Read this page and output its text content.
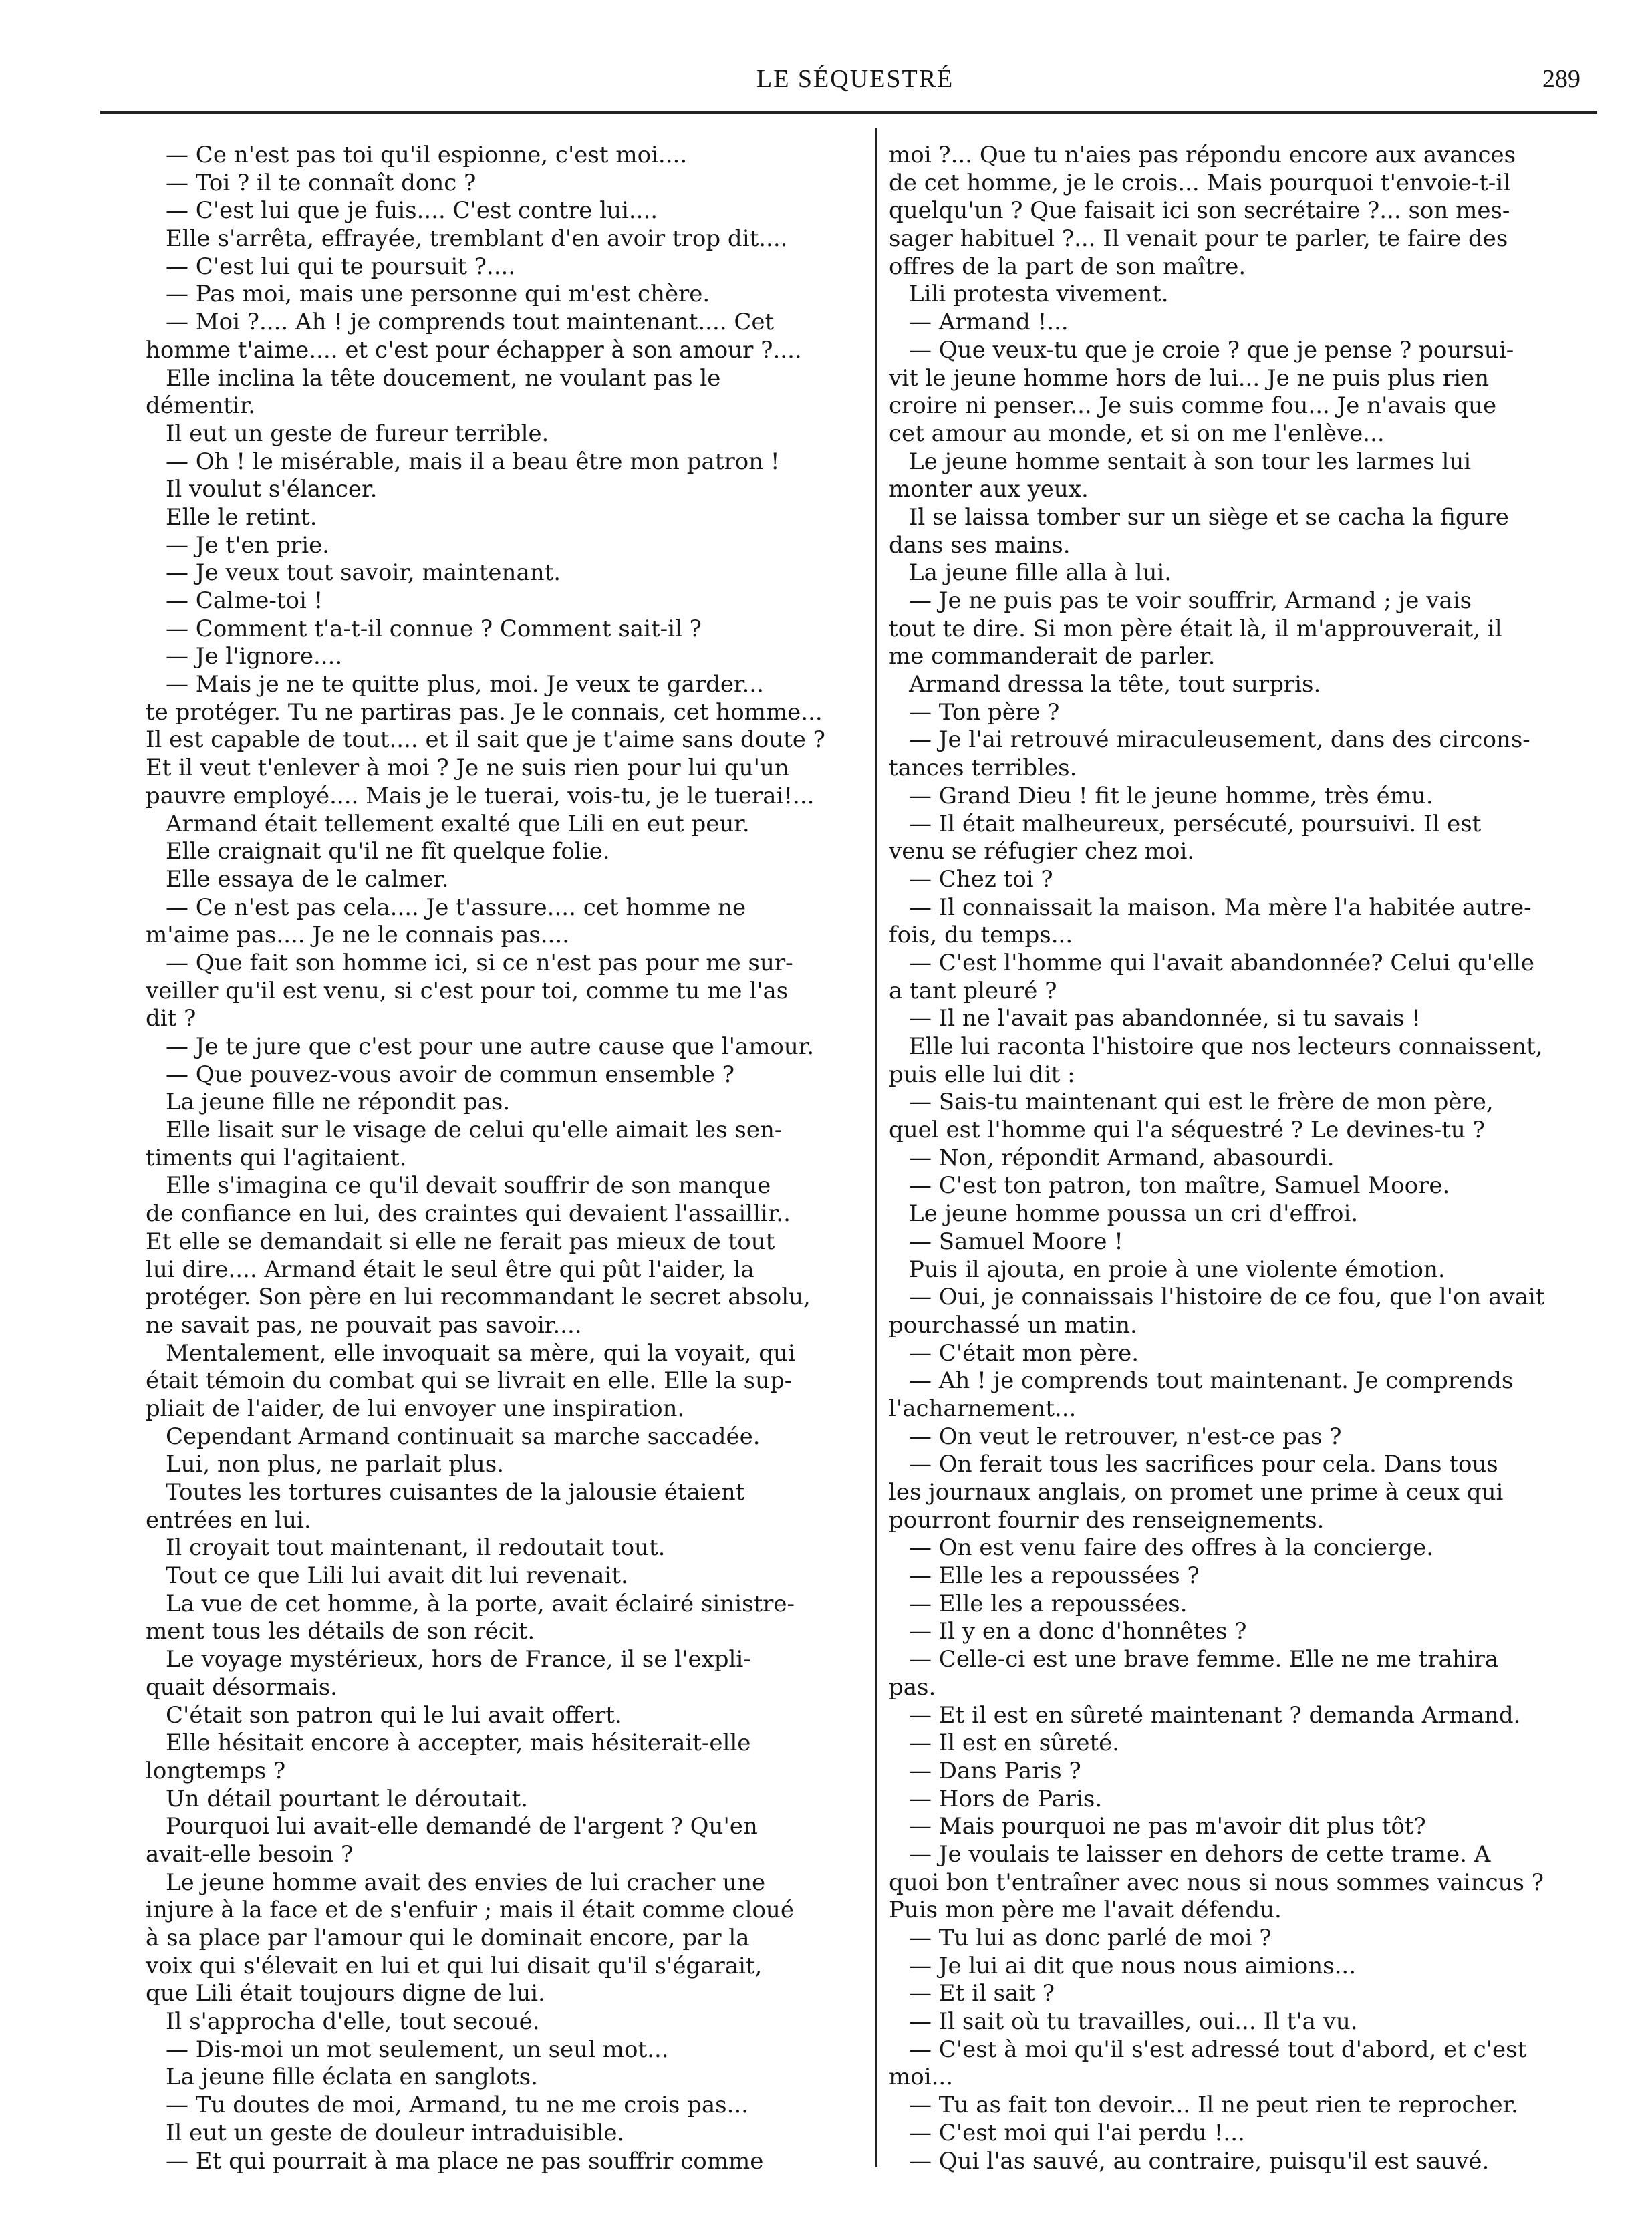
LE SÉQUESTRÉ	289
— Ce n'est pas toi qu'il espionne, c'est moi....
— Toi ? il te connaît donc ?
— C'est lui que je fuis.... C'est contre lui....
Elle s'arrêta, effrayée, tremblant d'en avoir trop dit....
— C'est lui qui te poursuit ?....
— Pas moi, mais une personne qui m'est chère.
— Moi ?.... Ah ! je comprends tout maintenant.... Cet
homme t'aime.... et c'est pour échapper à son amour ?....
Elle inclina la tête doucement, ne voulant pas le
démentir.
Il eut un geste de fureur terrible.
— Oh ! le misérable, mais il a beau être mon patron !
Il voulut s'élancer.
Elle le retint.
— Je t'en prie.
— Je veux tout savoir, maintenant.
— Calme-toi !
— Comment t'a-t-il connue ? Comment sait-il ?
— Je l'ignore....
— Mais je ne te quitte plus, moi. Je veux te garder...
te protéger. Tu ne partiras pas. Je le connais, cet homme...
Il est capable de tout.... et il sait que je t'aime sans doute ?
Et il veut t'enlever à moi ? Je ne suis rien pour lui qu'un
pauvre employé.... Mais je le tuerai, vois-tu, je le tuerai!...
Armand était tellement exalté que Lili en eut peur.
Elle craignait qu'il ne fît quelque folie.
Elle essaya de le calmer.
— Ce n'est pas cela.... Je t'assure.... cet homme ne
m'aime pas.... Je ne le connais pas....
— Que fait son homme ici, si ce n'est pas pour me sur-
veiller qu'il est venu, si c'est pour toi, comme tu me l'as
dit ?
— Je te jure que c'est pour une autre cause que l'amour.
— Que pouvez-vous avoir de commun ensemble ?
La jeune fille ne répondit pas.
Elle lisait sur le visage de celui qu'elle aimait les sen-
timents qui l'agitaient.
Elle s'imagina ce qu'il devait souffrir de son manque
de confiance en lui, des craintes qui devaient l'assaillir..
Et elle se demandait si elle ne ferait pas mieux de tout
lui dire.... Armand était le seul être qui pût l'aider, la
protéger. Son père en lui recommandant le secret absolu,
ne savait pas, ne pouvait pas savoir....
Mentalement, elle invoquait sa mère, qui la voyait, qui
était témoin du combat qui se livrait en elle. Elle la sup-
pliait de l'aider, de lui envoyer une inspiration.
Cependant Armand continuait sa marche saccadée.
Lui, non plus, ne parlait plus.
Toutes les tortures cuisantes de la jalousie étaient
entrées en lui.
Il croyait tout maintenant, il redoutait tout.
Tout ce que Lili lui avait dit lui revenait.
La vue de cet homme, à la porte, avait éclairé sinistre-
ment tous les détails de son récit.
Le voyage mystérieux, hors de France, il se l'expli-
quait désormais.
C'était son patron qui le lui avait offert.
Elle hésitait encore à accepter, mais hésiterait-elle
longtemps ?
Un détail pourtant le déroutait.
Pourquoi lui avait-elle demandé de l'argent ? Qu'en
avait-elle besoin ?
Le jeune homme avait des envies de lui cracher une
injure à la face et de s'enfuir ; mais il était comme cloué
à sa place par l'amour qui le dominait encore, par la
voix qui s'élevait en lui et qui lui disait qu'il s'égarait,
que Lili était toujours digne de lui.
Il s'approcha d'elle, tout secoué.
— Dis-moi un mot seulement, un seul mot...
La jeune fille éclata en sanglots.
— Tu doutes de moi, Armand, tu ne me crois pas...
Il eut un geste de douleur intraduisible.
— Et qui pourrait à ma place ne pas souffrir comme
moi ?... Que tu n'aies pas répondu encore aux avances
de cet homme, je le crois... Mais pourquoi t'envoie-t-il
quelqu'un ? Que faisait ici son secrétaire ?... son mes-
sager habituel ?... Il venait pour te parler, te faire des
offres de la part de son maître.
Lili protesta vivement.
— Armand !...
— Que veux-tu que je croie ? que je pense ? poursui-
vit le jeune homme hors de lui... Je ne puis plus rien
croire ni penser... Je suis comme fou... Je n'avais que
cet amour au monde, et si on me l'enlève...
Le jeune homme sentait à son tour les larmes lui
monter aux yeux.
Il se laissa tomber sur un siège et se cacha la figure
dans ses mains.
La jeune fille alla à lui.
— Je ne puis pas te voir souffrir, Armand ; je vais
tout te dire. Si mon père était là, il m'approuverait, il
me commanderait de parler.
Armand dressa la tête, tout surpris.
— Ton père ?
— Je l'ai retrouvé miraculeusement, dans des circons-
tances terribles.
— Grand Dieu ! fit le jeune homme, très ému.
— Il était malheureux, persécuté, poursuivi. Il est
venu se réfugier chez moi.
— Chez toi ?
— Il connaissait la maison. Ma mère l'a habitée autre-
fois, du temps...
— C'est l'homme qui l'avait abandonnée? Celui qu'elle
a tant pleuré ?
— Il ne l'avait pas abandonnée, si tu savais !
Elle lui raconta l'histoire que nos lecteurs connaissent,
puis elle lui dit :
— Sais-tu maintenant qui est le frère de mon père,
quel est l'homme qui l'a séquestré ? Le devines-tu ?
— Non, répondit Armand, abasourdi.
— C'est ton patron, ton maître, Samuel Moore.
Le jeune homme poussa un cri d'effroi.
— Samuel Moore !
Puis il ajouta, en proie à une violente émotion.
— Oui, je connaissais l'histoire de ce fou, que l'on avait
pourchassé un matin.
— C'était mon père.
— Ah ! je comprends tout maintenant. Je comprends
l'acharnement...
— On veut le retrouver, n'est-ce pas ?
— On ferait tous les sacrifices pour cela. Dans tous
les journaux anglais, on promet une prime à ceux qui
pourront fournir des renseignements.
— On est venu faire des offres à la concierge.
— Elle les a repoussées ?
— Elle les a repoussées.
— Il y en a donc d'honnêtes ?
— Celle-ci est une brave femme. Elle ne me trahira
pas.
— Et il est en sûreté maintenant ? demanda Armand.
— Il est en sûreté.
— Dans Paris ?
— Hors de Paris.
— Mais pourquoi ne pas m'avoir dit plus tôt?
— Je voulais te laisser en dehors de cette trame. A
quoi bon t'entraîner avec nous si nous sommes vaincus ?
Puis mon père me l'avait défendu.
— Tu lui as donc parlé de moi ?
— Je lui ai dit que nous nous aimions...
— Et il sait ?
— Il sait où tu travailles, oui... Il t'a vu.
— C'est à moi qu'il s'est adressé tout d'abord, et c'est
moi...
— Tu as fait ton devoir... Il ne peut rien te reprocher.
— C'est moi qui l'ai perdu !...
— Qui l'as sauvé, au contraire, puisqu'il est sauvé.
